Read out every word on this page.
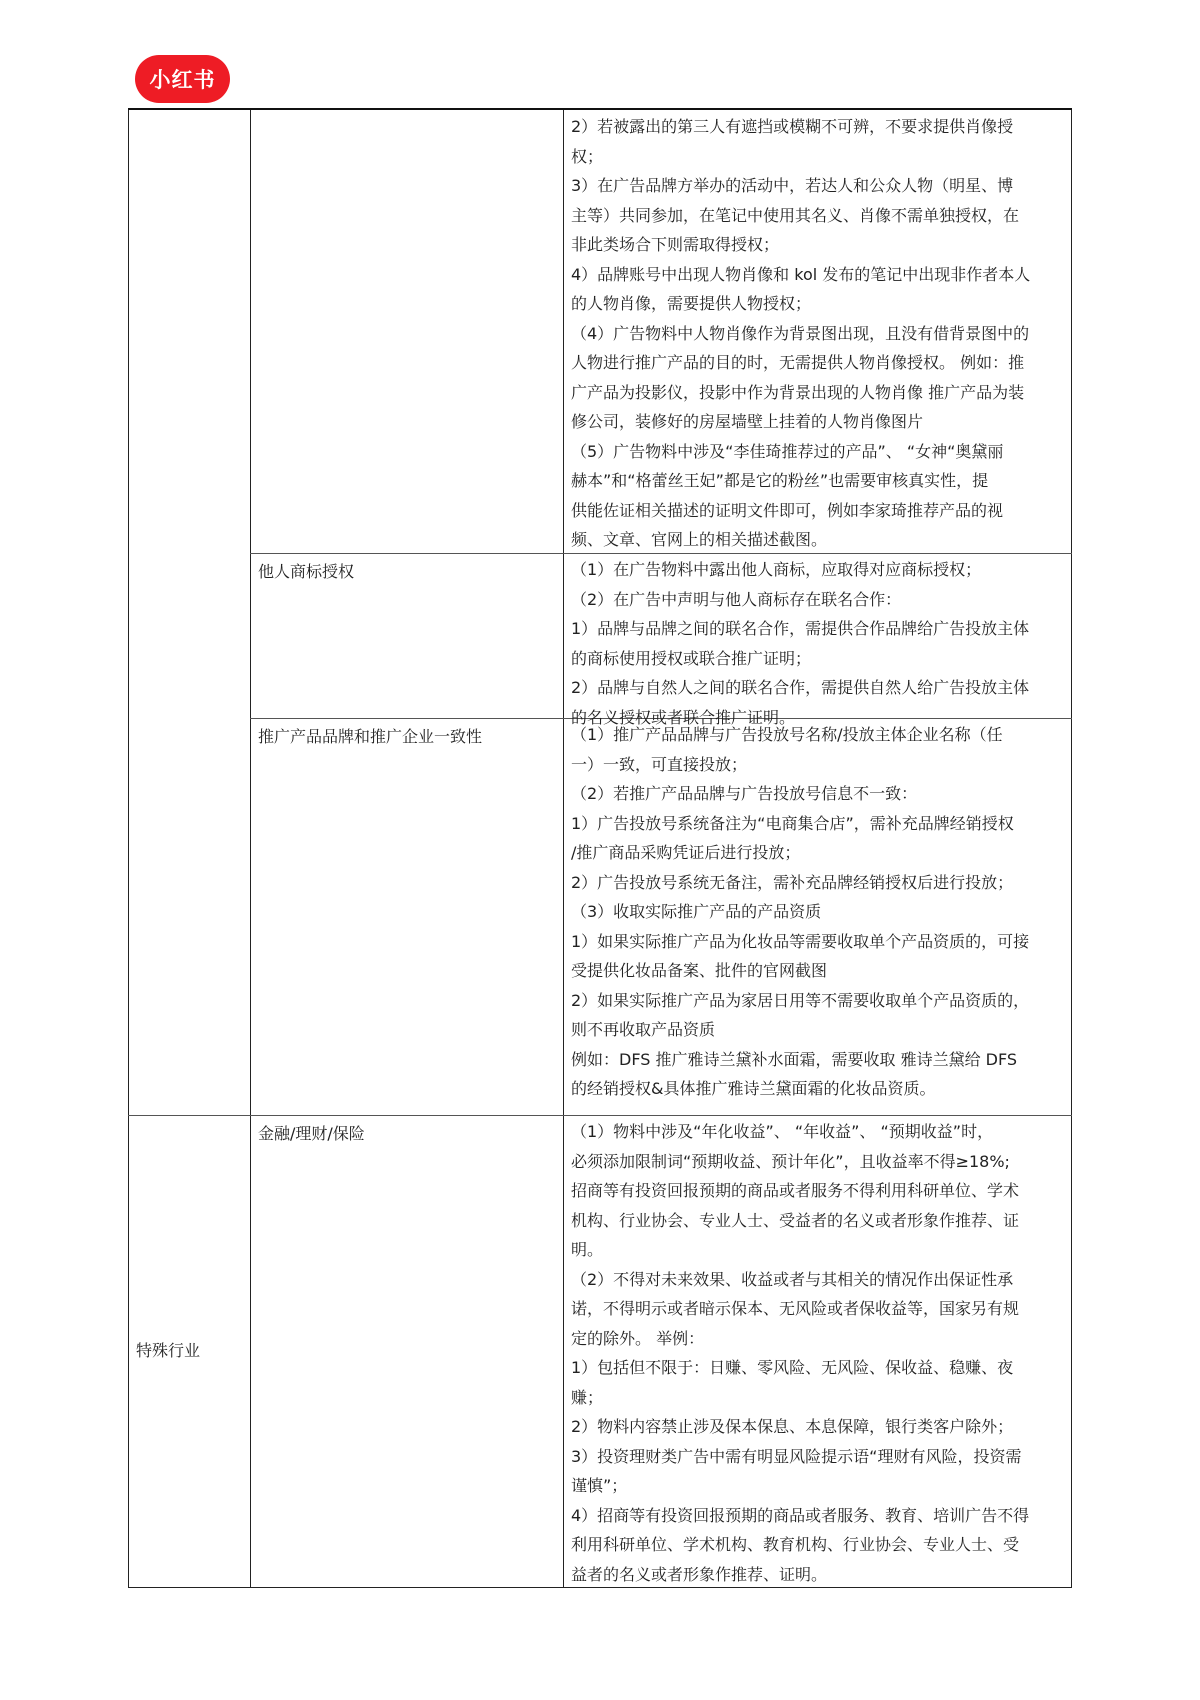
小红书
2）若被露出的第三人有遮挡或模糊不可辨，不要求提供肖像授
权；
3）在广告品牌方举办的活动中，若达人和公众人物（明星、博
主等）共同参加，在笔记中使用其名义、肖像不需单独授权，在
非此类场合下则需取得授权；
4）品牌账号中出现人物肖像和 kol 发布的笔记中出现非作者本人
的人物肖像，需要提供人物授权；
（4）广告物料中人物肖像作为背景图出现，且没有借背景图中的
人物进行推广产品的目的时，无需提供人物肖像授权。 例如：推
广产品为投影仪，投影中作为背景出现的人物肖像 推广产品为装
修公司，装修好的房屋墙壁上挂着的人物肖像图片
（5）广告物料中涉及“李佳琦推荐过的产品”、 “女神“奥黛丽
赫本”和“格蕾丝王妃”都是它的粉丝”也需要审核真实性，提
供能佐证相关描述的证明文件即可，例如李家琦推荐产品的视
频、文章、官网上的相关描述截图。
他人商标授权	（1）在广告物料中露出他人商标，应取得对应商标授权；
（2）在广告中声明与他人商标存在联名合作：
1）品牌与品牌之间的联名合作，需提供合作品牌给广告投放主体
的商标使用授权或联合推广证明；
2）品牌与自然人之间的联名合作，需提供自然人给广告投放主体
的名义授权或者联合推广证明。
推广产品品牌和推广企业一致性	（1）推广产品品牌与广告投放号名称/投放主体企业名称（任
一）一致，可直接投放；
（2）若推广产品品牌与广告投放号信息不一致：
1）广告投放号系统备注为“电商集合店”，需补充品牌经销授权
/推广商品采购凭证后进行投放；
2）广告投放号系统无备注，需补充品牌经销授权后进行投放；
（3）收取实际推广产品的产品资质
1）如果实际推广产品为化妆品等需要收取单个产品资质的，可接
受提供化妆品备案、批件的官网截图
2）如果实际推广产品为家居日用等不需要收取单个产品资质的，
则不再收取产品资质
例如：DFS 推广雅诗兰黛补水面霜，需要收取 雅诗兰黛给 DFS
的经销授权&具体推广雅诗兰黛面霜的化妆品资质。
金融/理财/保险
特殊行业
（1）物料中涉及“年化收益”、 “年收益”、 “预期收益”时，
必须添加限制词“预期收益、预计年化”，且收益率不得≥18%;
招商等有投资回报预期的商品或者服务不得利用科研单位、学术
机构、行业协会、专业人士、受益者的名义或者形象作推荐、证
明。
（2）不得对未来效果、收益或者与其相关的情况作出保证性承
诺，不得明示或者暗示保本、无风险或者保收益等，国家另有规
定的除外。 举例：
1）包括但不限于：日赚、零风险、无风险、保收益、稳赚、夜
赚；
2）物料内容禁止涉及保本保息、本息保障，银行类客户除外；
3）投资理财类广告中需有明显风险提示语“理财有风险，投资需
谨慎”；
4）招商等有投资回报预期的商品或者服务、教育、培训广告不得
利用科研单位、学术机构、教育机构、行业协会、专业人士、受
益者的名义或者形象作推荐、证明。
